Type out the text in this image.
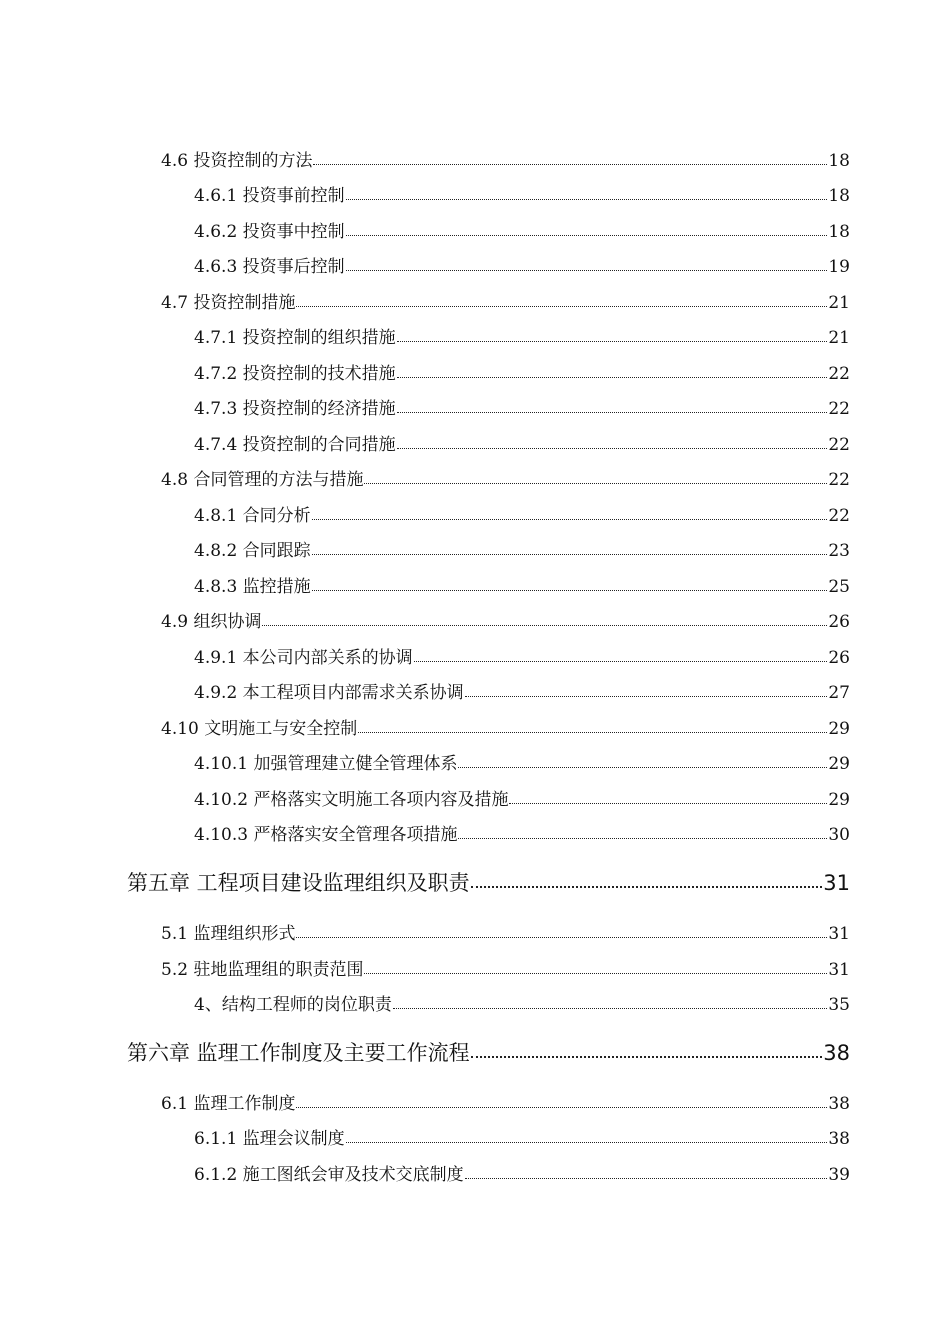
4.6 投资控制的方法	18
4.6.1 投资事前控制	18
4.6.2 投资事中控制	18
4.6.3 投资事后控制	19
4.7 投资控制措施	21
4.7.1 投资控制的组织措施	21
4.7.2 投资控制的技术措施	22
4.7.3 投资控制的经济措施	22
4.7.4 投资控制的合同措施	22
4.8 合同管理的方法与措施	22
4.8.1 合同分析	22
4.8.2 合同跟踪	23
4.8.3 监控措施	25
4.9 组织协调	26
4.9.1 本公司内部关系的协调	26
4.9.2 本工程项目内部需求关系协调	27
4.10 文明施工与安全控制	29
4.10.1 加强管理建立健全管理体系	29
4.10.2 严格落实文明施工各项内容及措施	29
4.10.3 严格落实安全管理各项措施	30
第五章 工程项目建设监理组织及职责	31
5.1 监理组织形式	31
5.2 驻地监理组的职责范围	31
4、结构工程师的岗位职责	35
第六章 监理工作制度及主要工作流程	38
6.1 监理工作制度	38
6.1.1 监理会议制度	38
6.1.2 施工图纸会审及技术交底制度	39
